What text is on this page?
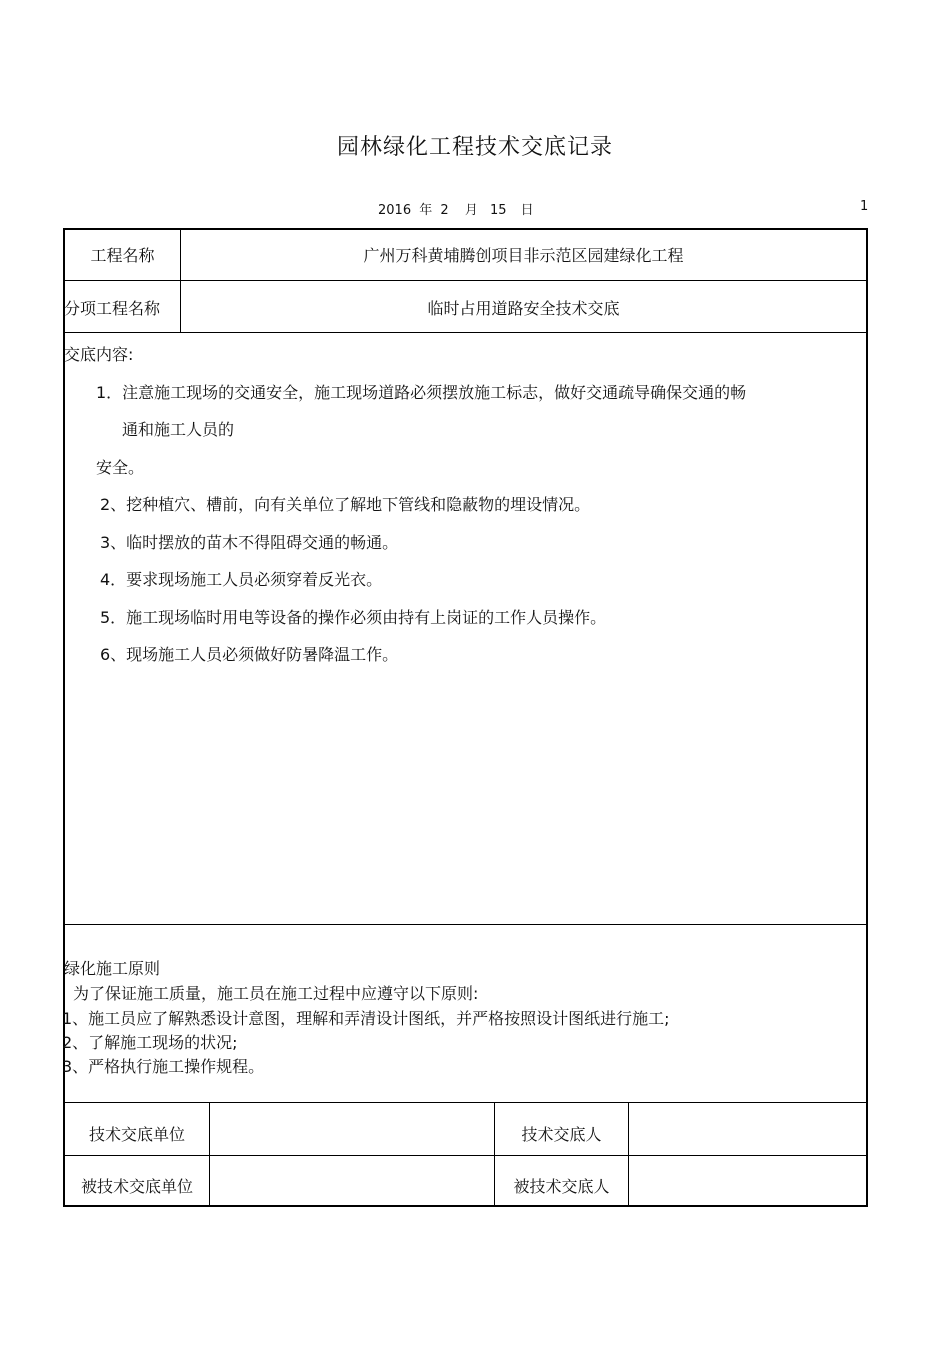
园林绿化工程技术交底记录
2016 年 2 月 15 日	1
工程名称	广州万科黄埔腾创项目非示范区园建绿化工程
分项工程名称	临时占用道路安全技术交底
交底内容:
1．注意施工现场的交通安全，施工现场道路必须摆放施工标志，做好交通疏导确保交通的畅
通和施工人员的
安全。
2、挖种植穴、槽前，向有关单位了解地下管线和隐蔽物的埋设情况。
3、临时摆放的苗木不得阻碍交通的畅通。
4．要求现场施工人员必须穿着反光衣。
5．施工现场临时用电等设备的操作必须由持有上岗证的工作人员操作。
6、现场施工人员必须做好防暑降温工作。
绿化施工原则
为了保证施工质量，施工员在施工过程中应遵守以下原则:
1、施工员应了解熟悉设计意图，理解和弄清设计图纸，并严格按照设计图纸进行施工;
2、了解施工现场的状况;
3、严格执行施工操作规程。
技术交底单位	技术交底人
被技术交底单位	被技术交底人
